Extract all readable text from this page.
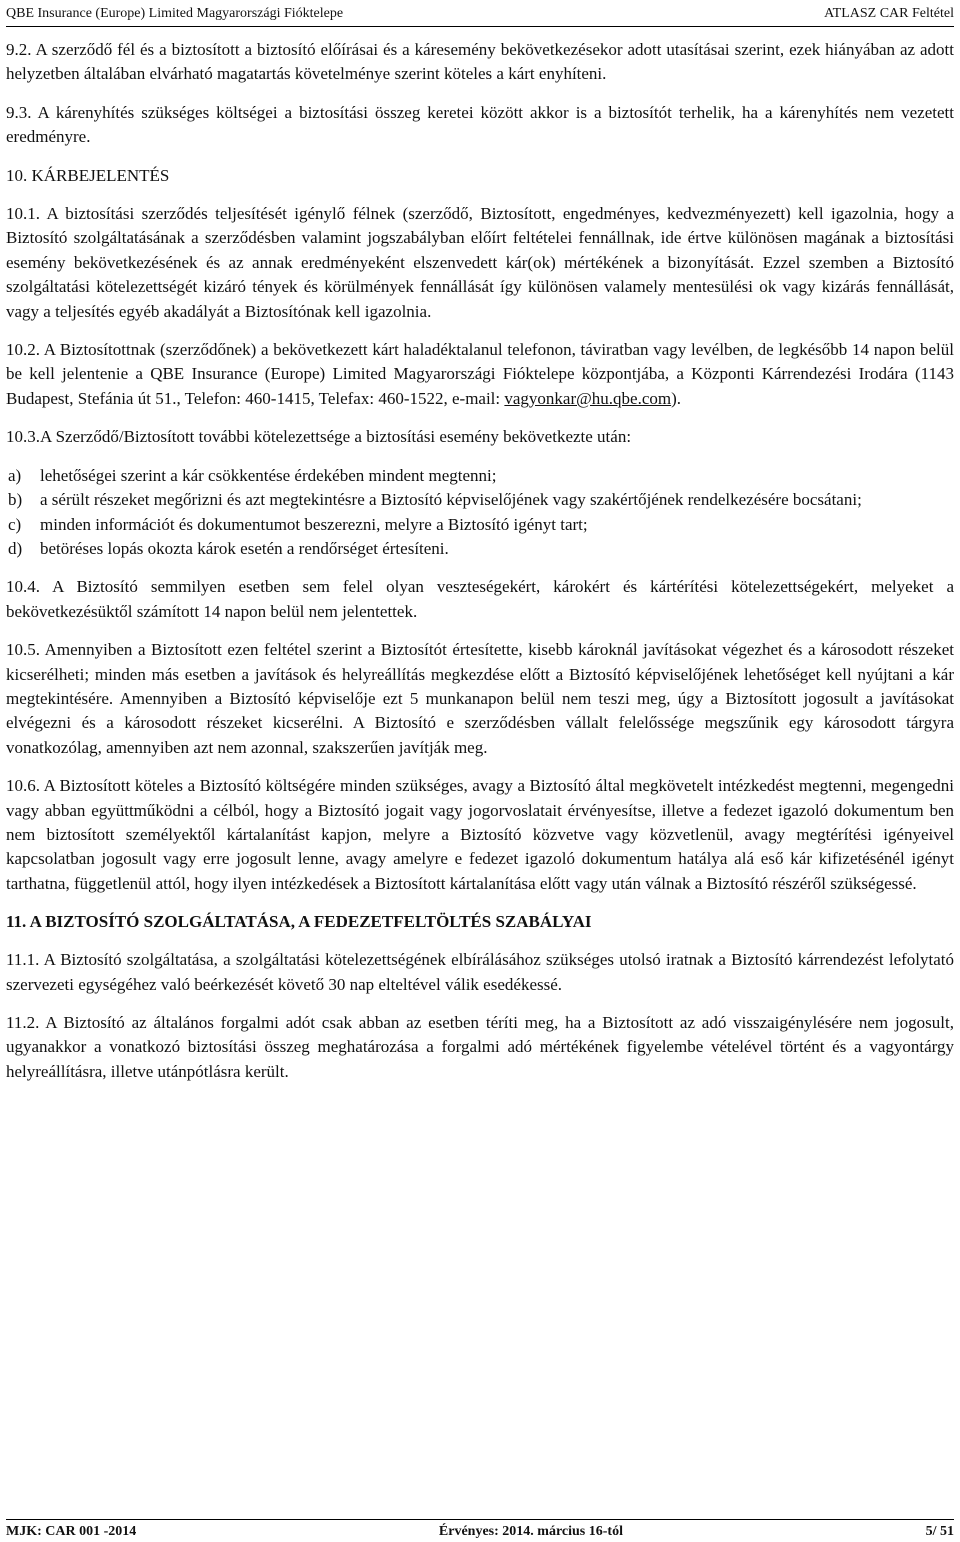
QBE Insurance (Europe) Limited Magyarországi Fióktelepe	ATLASZ CAR Feltétel

9.2. A szerződő fél és a biztosított a biztosító előírásai és a káresemény bekövetkezésekor adott utasításai szerint, ezek hiányában az adott helyzetben általában elvárható magatartás követelménye szerint köteles a kárt enyhíteni.

9.3. A kárenyhítés szükséges költségei a biztosítási összeg keretei között akkor is a biztosítót terhelik, ha a kárenyhítés nem vezetett eredményre.

10. KÁRBEJELENTÉS

10.1. A biztosítási szerződés teljesítését igénylő félnek (szerződő, Biztosított, engedményes, kedvezményezett) kell igazolnia, hogy a Biztosító szolgáltatásának a szerződésben valamint jogszabályban előírt feltételei fennállnak, ide értve különösen magának a biztosítási esemény bekövetkezésének és az annak eredményeként elszenvedett kár(ok) mértékének a bizonyítását. Ezzel szemben a Biztosító szolgáltatási kötelezettségét kizáró tények és körülmények fennállását így különösen valamely mentesülési ok vagy kizárás fennállását, vagy a teljesítés egyéb akadályát a Biztosítónak kell igazolnia.

10.2. A Biztosítottnak (szerződőnek) a bekövetkezett kárt haladéktalanul telefonon, táviratban vagy levélben, de legkésőbb 14 napon belül be kell jelentenie a QBE Insurance (Europe) Limited Magyarországi Fióktelepe központjába, a Központi Kárrendezési Irodára (1143 Budapest, Stefánia út 51., Telefon: 460-1415, Telefax: 460-1522, e-mail: vagyonkar@hu.qbe.com).

10.3.A Szerződő/Biztosított további kötelezettsége a biztosítási esemény bekövetkezte után:

a)	lehetőségei szerint a kár csökkentése érdekében mindent megtenni;
b)	a sérült részeket megőrizni és azt megtekintésre a Biztosító képviselőjének vagy szakértőjének rendelkezésére bocsátani;
c)	minden információt és dokumentumot beszerezni, melyre a Biztosító igényt tart;
d)	betöréses lopás okozta károk esetén a rendőrséget értesíteni.

10.4. A Biztosító semmilyen esetben sem felel olyan veszteségekért, károkért és kártérítési kötelezettségekért, melyeket a bekövetkezésüktől számított 14 napon belül nem jelentettek.

10.5. Amennyiben a Biztosított ezen feltétel szerint a Biztosítót értesítette, kisebb károknál javításokat végezhet és a károsodott részeket kicserélheti; minden más esetben a javítások és helyreállítás megkezdése előtt a Biztosító képviselőjének lehetőséget kell nyújtani a kár megtekintésére. Amennyiben a Biztosító képviselője ezt 5 munkanapon belül nem teszi meg, úgy a Biztosított jogosult a javításokat elvégezni és a károsodott részeket kicserélni. A Biztosító e szerződésben vállalt felelőssége megszűnik egy károsodott tárgyra vonatkozólag, amennyiben azt nem azonnal, szakszerűen javítják meg.

10.6. A Biztosított köteles a Biztosító költségére minden szükséges, avagy a Biztosító által megkövetelt intézkedést megtenni, megengedni vagy abban együttműködni a célból, hogy a Biztosító jogait vagy jogorvoslatait érvényesítse, illetve a fedezet igazoló dokumentum ben nem biztosított személyektől kártalanítást kapjon, melyre a Biztosító közvetve vagy közvetlenül, avagy megtérítési igényeivel kapcsolatban jogosult vagy erre jogosult lenne, avagy amelyre e fedezet igazoló dokumentum hatálya alá eső kár kifizetésénél igényt tarthatna, függetlenül attól, hogy ilyen intézkedések a Biztosított kártalanítása előtt vagy után válnak a Biztosító részéről szükségessé.

11. A BIZTOSÍTÓ SZOLGÁLTATÁSA, A FEDEZETFELTÖLTÉS SZABÁLYAI

11.1. A Biztosító szolgáltatása, a szolgáltatási kötelezettségének elbírálásához szükséges utolsó iratnak a Biztosító kárrendezést lefolytató szervezeti egységéhez való beérkezését követő 30 nap elteltével válik esedékessé.

11.2. A Biztosító az általános forgalmi adót csak abban az esetben téríti meg, ha a Biztosított az adó visszaigénylésére nem jogosult, ugyanakkor a vonatkozó biztosítási összeg meghatározása a forgalmi adó mértékének figyelembe vételével történt és a vagyontárgy helyreállításra, illetve utánpótlásra került.

MJK: CAR 001 -2014	Érvényes: 2014. március 16-tól	5/ 51
